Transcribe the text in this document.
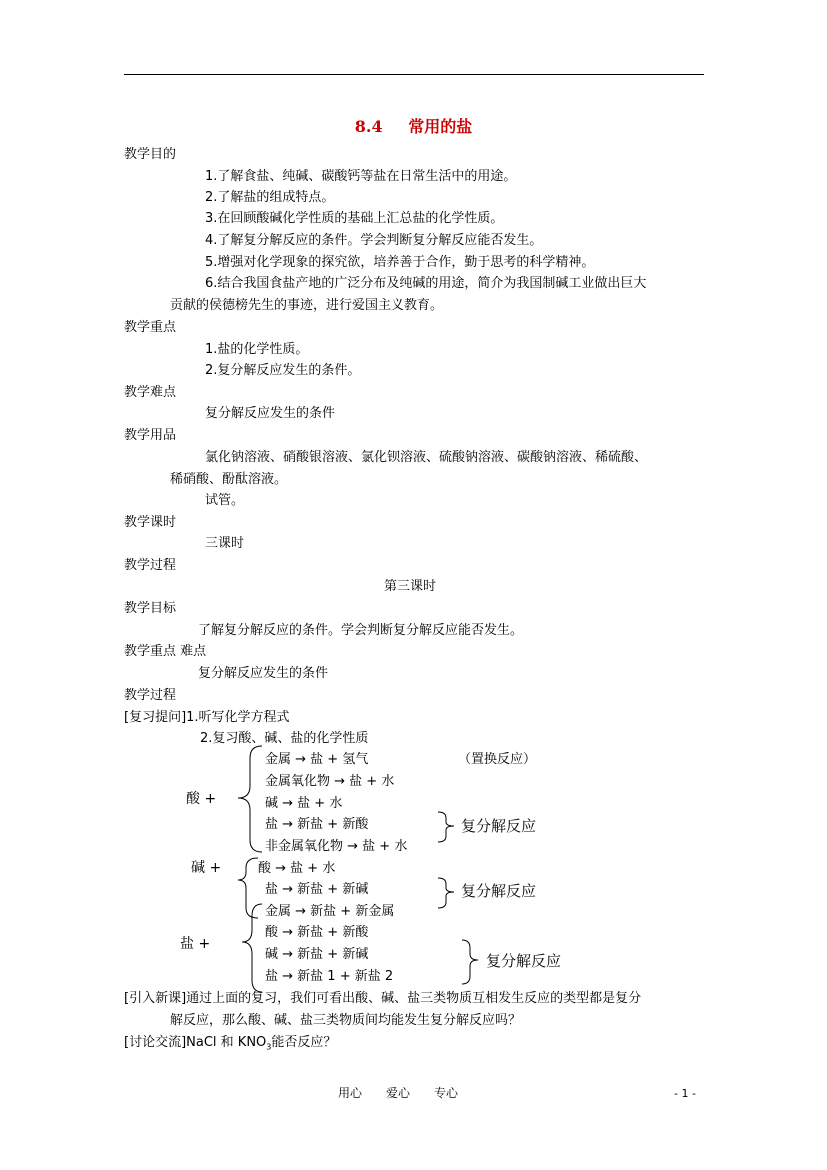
8.4 常用的盐
教学目的
1.了解食盐、纯碱、碳酸钙等盐在日常生活中的用途。
2.了解盐的组成特点。
3.在回顾酸碱化学性质的基础上汇总盐的化学性质。
4.了解复分解反应的条件。学会判断复分解反应能否发生。
5.增强对化学现象的探究欲，培养善于合作，勤于思考的科学精神。
6.结合我国食盐产地的广泛分布及纯碱的用途，简介为我国制碱工业做出巨大
贡献的侯德榜先生的事迹，进行爱国主义教育。
教学重点
1.盐的化学性质。
2.复分解反应发生的条件。
教学难点
复分解反应发生的条件
教学用品
氯化钠溶液、硝酸银溶液、氯化钡溶液、硫酸钠溶液、碳酸钠溶液、稀硫酸、
稀硝酸、酚酞溶液。
试管。
教学课时
三课时
教学过程
第三课时
教学目标
了解复分解反应的条件。学会判断复分解反应能否发生。
教学重点 难点
复分解反应发生的条件
教学过程
[复习提问]1.听写化学方程式
2.复习酸、碱、盐的化学性质
酸 +
金属 → 盐 + 氢气	（置换反应）
金属氧化物 → 盐 + 水
碱 → 盐 + 水
盐 → 新盐 + 新酸	复分解反应
非金属氧化物 → 盐 + 水
碱 +	酸 → 盐 + 水
盐 → 新盐 + 新碱	复分解反应
盐 +
金属 → 新盐 + 新金属
酸 → 新盐 + 新酸
碱 → 新盐 + 新碱	复分解反应
盐 → 新盐 1 + 新盐 2
[引入新课]通过上面的复习，我们可看出酸、碱、盐三类物质互相发生反应的类型都是复分
解反应，那么酸、碱、盐三类物质间均能发生复分解反应吗？
[讨论交流]NaCl 和 $KNO_3$能否反应？
用心　　爱心　　专心	- 1 -
